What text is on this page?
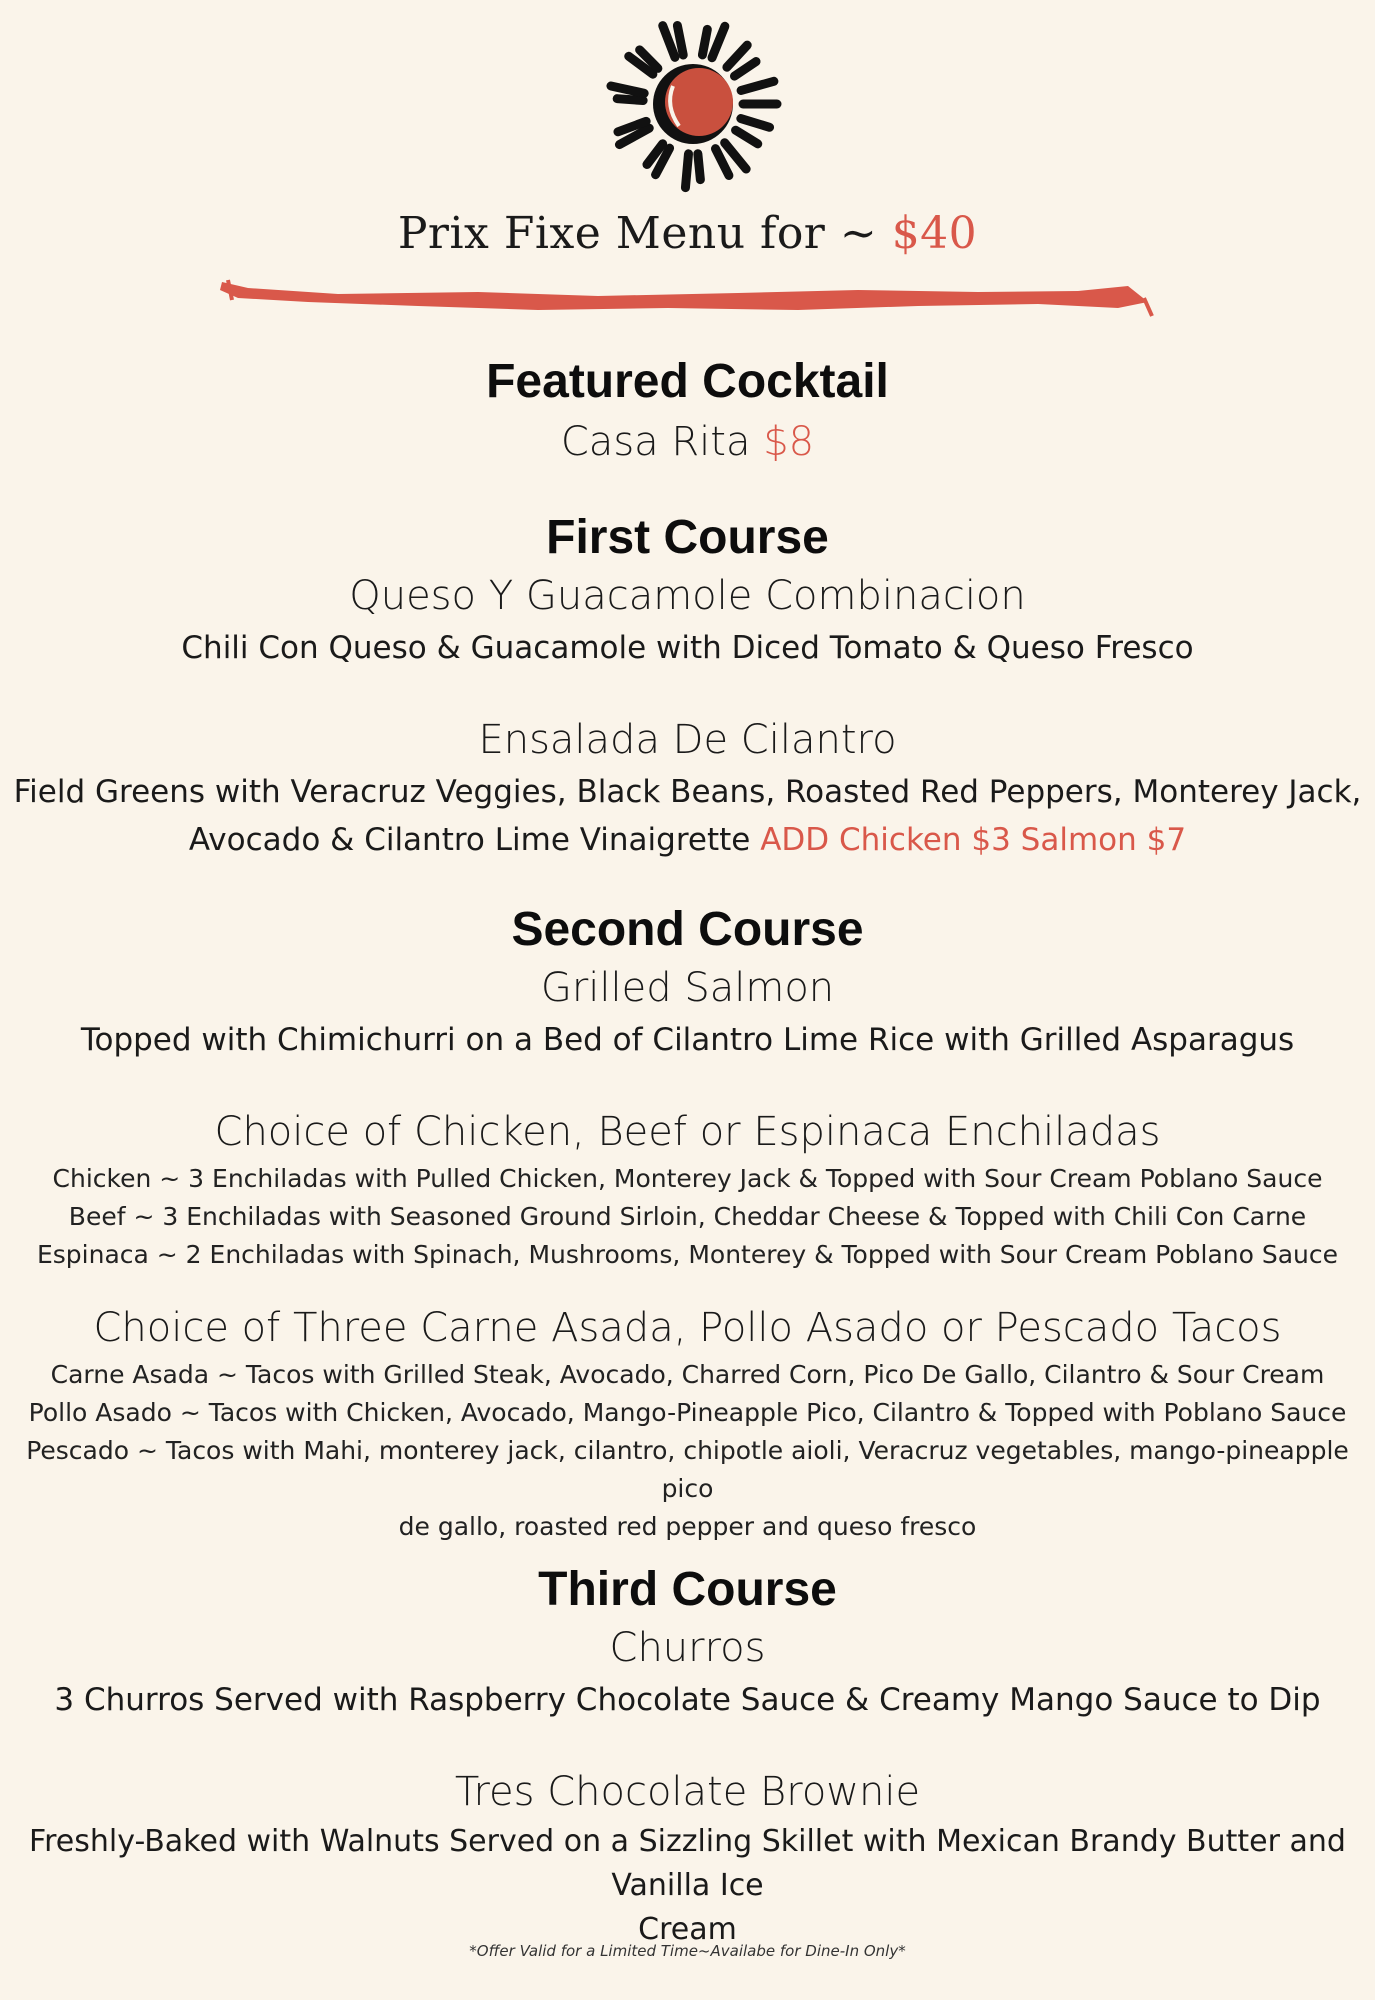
Prix Fixe Menu for ~ $40
Featured Cocktail
Casa Rita $8
First Course
Queso Y Guacamole Combinacion
Chili Con Queso & Guacamole with Diced Tomato & Queso Fresco
Ensalada De Cilantro
Field Greens with Veracruz Veggies, Black Beans, Roasted Red Peppers, Monterey Jack,
Avocado & Cilantro Lime Vinaigrette ADD Chicken $3 Salmon $7
Second Course
Grilled Salmon
Topped with Chimichurri on a Bed of Cilantro Lime Rice with Grilled Asparagus
Choice of Chicken, Beef or Espinaca Enchiladas
Chicken ~ 3 Enchiladas with Pulled Chicken, Monterey Jack & Topped with Sour Cream Poblano Sauce
Beef ~ 3 Enchiladas with Seasoned Ground Sirloin, Cheddar Cheese & Topped with Chili Con Carne
Espinaca ~ 2 Enchiladas with Spinach, Mushrooms, Monterey & Topped with Sour Cream Poblano Sauce
Choice of Three Carne Asada, Pollo Asado or Pescado Tacos
Carne Asada ~ Tacos with Grilled Steak, Avocado, Charred Corn, Pico De Gallo, Cilantro & Sour Cream
Pollo Asado ~ Tacos with Chicken, Avocado, Mango-Pineapple Pico, Cilantro & Topped with Poblano Sauce
Pescado ~ Tacos with Mahi, monterey jack, cilantro, chipotle aioli, Veracruz vegetables, mango-pineapple pico
de gallo, roasted red pepper and queso fresco
Third Course
Churros
3 Churros Served with Raspberry Chocolate Sauce & Creamy Mango Sauce to Dip
Tres Chocolate Brownie
Freshly-Baked with Walnuts Served on a Sizzling Skillet with Mexican Brandy Butter and Vanilla Ice
Cream
*Offer Valid for a Limited Time~Availabe for Dine-In Only*
